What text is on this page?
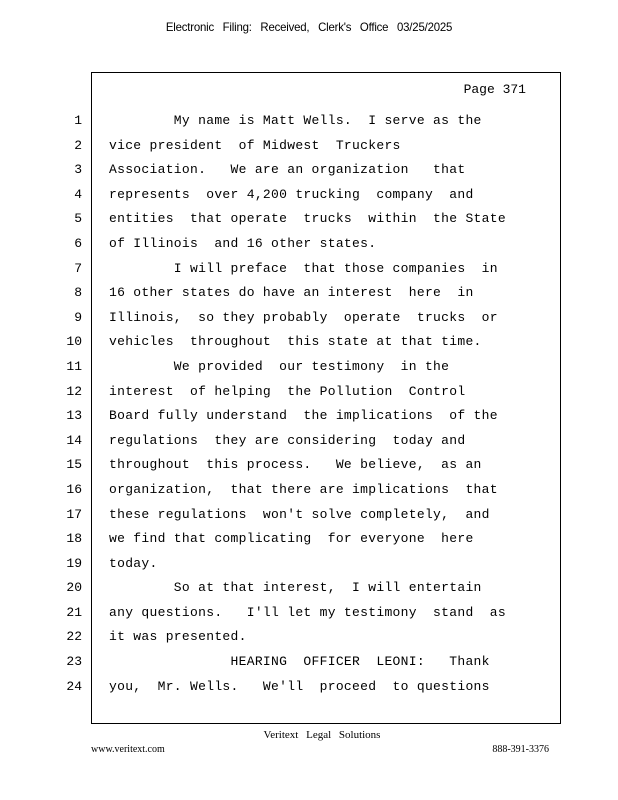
Electronic Filing: Received, Clerk's Office 03/25/2025
Page 371
1 My name is Matt Wells.  I serve as the
2 vice president  of Midwest  Truckers
3 Association.   We are an organization   that
4 represents  over 4,200 trucking  company  and
5 entities  that operate  trucks  within  the State
6 of Illinois  and 16 other states.
7 I will preface  that those companies  in
8 16 other states do have an interest  here  in
9 Illinois,  so they probably  operate  trucks  or
10 vehicles  throughout  this state at that time.
11 We provided  our testimony  in the
12 interest  of helping  the Pollution  Control
13 Board fully understand  the implications  of the
14 regulations  they are considering  today and
15 throughout  this process.   We believe,  as an
16 organization,  that there are implications  that
17 these regulations  won't solve completely,  and
18 we find that complicating  for everyone  here
19 today.
20 So at that interest,  I will entertain
21 any questions.   I'll let my testimony  stand  as
22 it was presented.
23 HEARING  OFFICER  LEONI:   Thank
24 you,  Mr. Wells.   We'll  proceed  to questions
Veritext Legal Solutions
www.veritext.com	888-391-3376
